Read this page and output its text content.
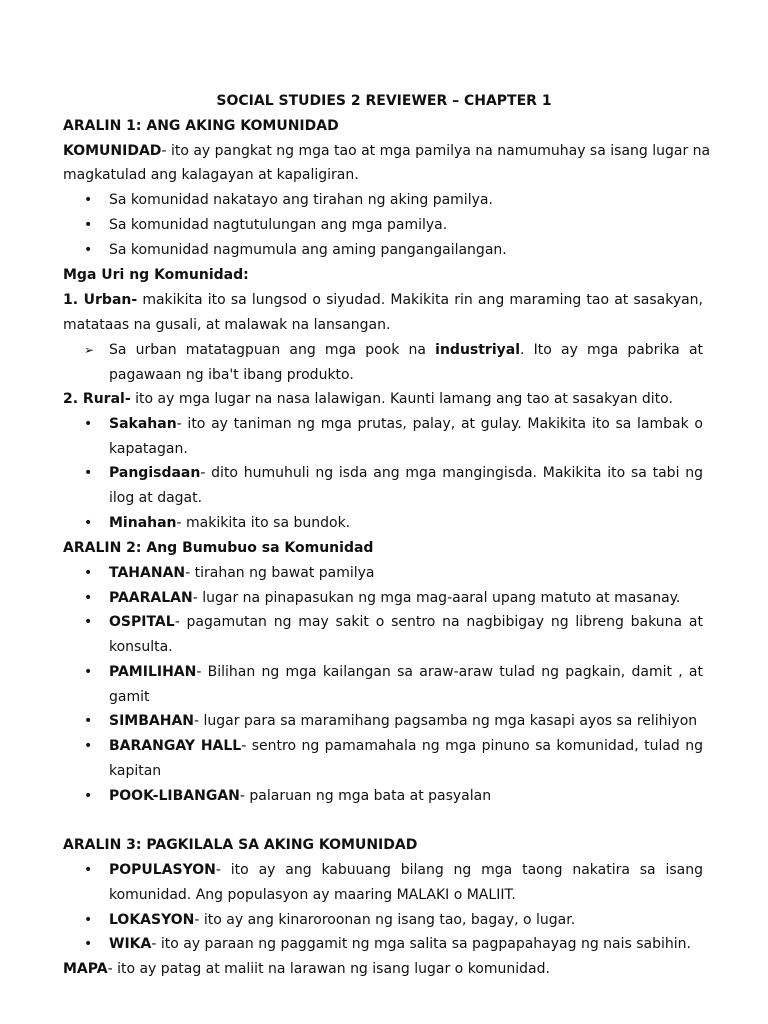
SOCIAL STUDIES 2 REVIEWER – CHAPTER 1
ARALIN 1: ANG AKING KOMUNIDAD
KOMUNIDAD- ito ay pangkat ng mga tao at mga pamilya na namumuhay sa isang lugar na
magkatulad ang kalagayan at kapaligiran.
• Sa komunidad nakatayo ang tirahan ng aking pamilya.
• Sa komunidad nagtutulungan ang mga pamilya.
• Sa komunidad nagmumula ang aming pangangailangan.
Mga Uri ng Komunidad:
1. Urban- makikita ito sa lungsod o siyudad. Makikita rin ang maraming tao at sasakyan,
matataas na gusali, at malawak na lansangan.
➢ Sa urban matatagpuan ang mga pook na industriyal. Ito ay mga pabrika at
pagawaan ng iba't ibang produkto.
2. Rural- ito ay mga lugar na nasa lalawigan. Kaunti lamang ang tao at sasakyan dito.
• Sakahan- ito ay taniman ng mga prutas, palay, at gulay. Makikita ito sa lambak o
kapatagan.
• Pangisdaan- dito humuhuli ng isda ang mga mangingisda. Makikita ito sa tabi ng
ilog at dagat.
• Minahan- makikita ito sa bundok.
ARALIN 2: Ang Bumubuo sa Komunidad
• TAHANAN- tirahan ng bawat pamilya
• PAARALAN- lugar na pinapasukan ng mga mag-aaral upang matuto at masanay.
• OSPITAL- pagamutan ng may sakit o sentro na nagbibigay ng libreng bakuna at
konsulta.
• PAMILIHAN- Bilihan ng mga kailangan sa araw-araw tulad ng pagkain, damit , at
gamit
• SIMBAHAN- lugar para sa maramihang pagsamba ng mga kasapi ayos sa relihiyon
• BARANGAY HALL- sentro ng pamamahala ng mga pinuno sa komunidad, tulad ng
kapitan
• POOK-LIBANGAN- palaruan ng mga bata at pasyalan
ARALIN 3: PAGKILALA SA AKING KOMUNIDAD
• POPULASYON- ito ay ang kabuuang bilang ng mga taong nakatira sa isang
komunidad. Ang populasyon ay maaring MALAKI o MALIIT.
• LOKASYON- ito ay ang kinaroroonan ng isang tao, bagay, o lugar.
• WIKA- ito ay paraan ng paggamit ng mga salita sa pagpapahayag ng nais sabihin.
MAPA- ito ay patag at maliit na larawan ng isang lugar o komunidad.
